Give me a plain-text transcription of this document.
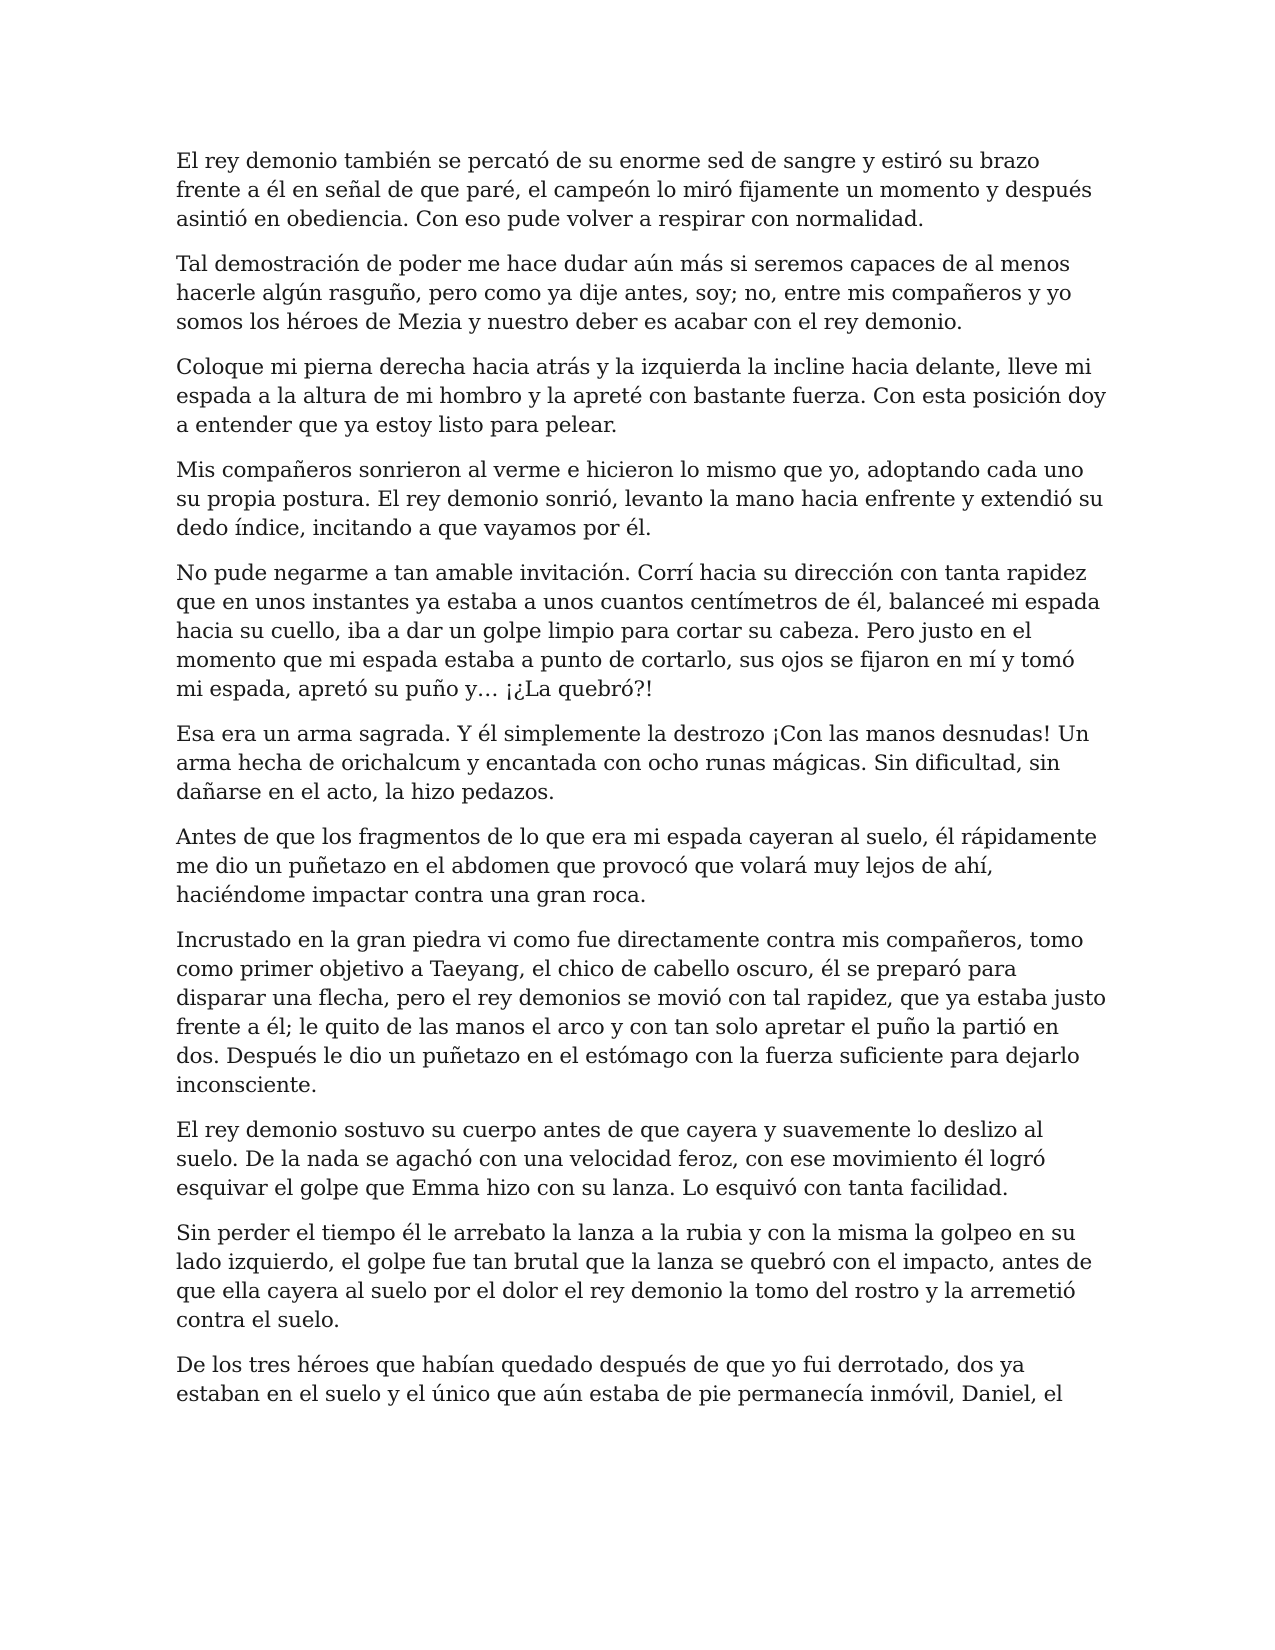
El rey demonio también se percató de su enorme sed de sangre y estiró su brazo frente a él en señal de que paré, el campeón lo miró fijamente un momento y después asintió en obediencia. Con eso pude volver a respirar con normalidad.

Tal demostración de poder me hace dudar aún más si seremos capaces de al menos hacerle algún rasguño, pero como ya dije antes, soy; no, entre mis compañeros y yo somos los héroes de Mezia y nuestro deber es acabar con el rey demonio.

Coloque mi pierna derecha hacia atrás y la izquierda la incline hacia delante, lleve mi espada a la altura de mi hombro y la apreté con bastante fuerza. Con esta posición doy a entender que ya estoy listo para pelear.

Mis compañeros sonrieron al verme e hicieron lo mismo que yo, adoptando cada uno su propia postura. El rey demonio sonrió, levanto la mano hacia enfrente y extendió su dedo índice, incitando a que vayamos por él.

No pude negarme a tan amable invitación. Corrí hacia su dirección con tanta rapidez que en unos instantes ya estaba a unos cuantos centímetros de él, balanceé mi espada hacia su cuello, iba a dar un golpe limpio para cortar su cabeza. Pero justo en el momento que mi espada estaba a punto de cortarlo, sus ojos se fijaron en mí y tomó mi espada, apretó su puño y… ¡¿La quebró?!

Esa era un arma sagrada. Y él simplemente la destrozo ¡Con las manos desnudas! Un arma hecha de orichalcum y encantada con ocho runas mágicas. Sin dificultad, sin dañarse en el acto, la hizo pedazos.

Antes de que los fragmentos de lo que era mi espada cayeran al suelo, él rápidamente me dio un puñetazo en el abdomen que provocó que volará muy lejos de ahí, haciéndome impactar contra una gran roca.

Incrustado en la gran piedra vi como fue directamente contra mis compañeros, tomo como primer objetivo a Taeyang, el chico de cabello oscuro, él se preparó para disparar una flecha, pero el rey demonios se movió con tal rapidez, que ya estaba justo frente a él; le quito de las manos el arco y con tan solo apretar el puño la partió en dos. Después le dio un puñetazo en el estómago con la fuerza suficiente para dejarlo inconsciente.

El rey demonio sostuvo su cuerpo antes de que cayera y suavemente lo deslizo al suelo. De la nada se agachó con una velocidad feroz, con ese movimiento él logró esquivar el golpe que Emma hizo con su lanza. Lo esquivó con tanta facilidad.

Sin perder el tiempo él le arrebato la lanza a la rubia y con la misma la golpeo en su lado izquierdo, el golpe fue tan brutal que la lanza se quebró con el impacto, antes de que ella cayera al suelo por el dolor el rey demonio la tomo del rostro y la arremetió contra el suelo.

De los tres héroes que habían quedado después de que yo fui derrotado, dos ya estaban en el suelo y el único que aún estaba de pie permanecía inmóvil, Daniel, el
